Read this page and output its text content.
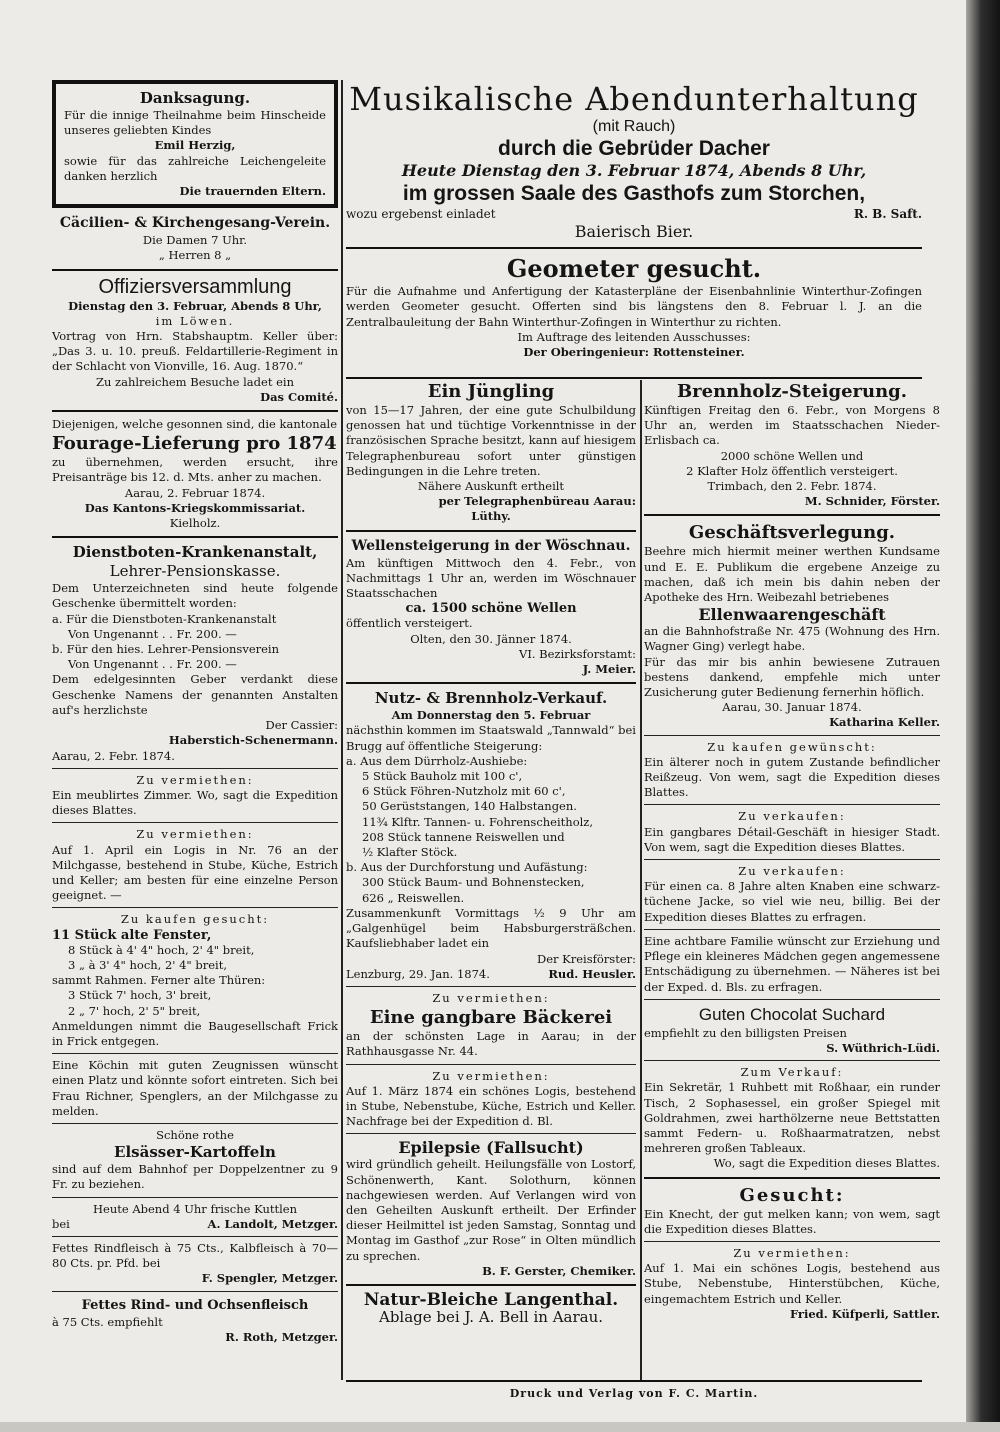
Danksagung.

Für die innige Theilnahme beim Hinscheide unseres geliebten Kindes

Emil Herzig,

sowie für das zahlreiche Leichengeleite danken herzlich

Die trauernden Eltern.
Cäcilien- & Kirchengesang-Verein.
Die Damen 7 Uhr.
„ Herren 8 „
Offiziersversammlung
Dienstag den 3. Februar, Abends 8 Uhr,
im Löwen.

Vortrag von Hrn. Stabshauptm. Keller über: „Das 3. u. 10. preuß. Feldartillerie-Regiment in der Schlacht von Vionville, 16. Aug. 1870.“

Zu zahlreichem Besuche ladet ein
Das Comité.

Diejenigen, welche gesonnen sind, die kantonale

Fourage-Lieferung pro 1874

zu übernehmen, werden ersucht, ihre Preisanträge bis 12. d. Mts. anher zu machen.

Aarau, 2. Februar 1874.
Das Kantons-Kriegskommissariat.
Kielholz.
Dienstboten-Krankenanstalt,
Lehrer-Pensionskasse.

Dem Unterzeichneten sind heute folgende Geschenke übermittelt worden:

a. Für die Dienstboten-Krankenanstalt
Von Ungenannt . . Fr. 200. —
b. Für den hies. Lehrer-Pensionsverein
Von Ungenannt . . Fr. 200. —

Dem edelgesinnten Geber verdankt diese Geschenke Namens der genannten Anstalten auf's herzlichste

Der Cassier:
Haberstich-Schenermann.
Aarau, 2. Febr. 1874.
Zu vermiethen:

Ein meublirtes Zimmer. Wo, sagt die Expedition dieses Blattes.

Zu vermiethen:

Auf 1. April ein Logis in Nr. 76 an der Milchgasse, bestehend in Stube, Küche, Estrich und Keller; am besten für eine einzelne Person geeignet. —

Zu kaufen gesucht:
11 Stück alte Fenster,
8 Stück à 4' 4" hoch, 2' 4" breit,
3 „ à 3' 4" hoch, 2' 4" breit,
sammt Rahmen. Ferner alte Thüren:
3 Stück 7' hoch, 3' breit,
2 „ 7' hoch, 2' 5" breit,

Anmeldungen nimmt die Baugesellschaft Frick in Frick entgegen.

Eine Köchin mit guten Zeugnissen wünscht einen Platz und könnte sofort eintreten. Sich bei Frau Richner, Spenglers, an der Milchgasse zu melden.

Schöne rothe
Elsässer-Kartoffeln

sind auf dem Bahnhof per Doppelzentner zu 9 Fr. zu beziehen.

Heute Abend 4 Uhr frische Kuttlen
bei	A. Landolt, Metzger.

Fettes Rindfleisch à 75 Cts., Kalbfleisch à 70—80 Cts. pr. Pfd. bei

F. Spengler, Metzger.
Fettes Rind- und Ochsenfleisch
à 75 Cts. empfiehlt
R. Roth, Metzger.
Musikalische Abendunterhaltung
(mit Rauch)
durch die Gebrüder Dacher
Heute Dienstag den 3. Februar 1874, Abends 8 Uhr,
im grossen Saale des Gasthofs zum Storchen,
wozu ergebenst einladet	R. B. Saft.
Baierisch Bier.
Geometer gesucht.

Für die Aufnahme und Anfertigung der Katasterpläne der Eisenbahnlinie Winterthur-Zofingen werden Geometer gesucht. Offerten sind bis längstens den 8. Februar l. J. an die Zentralbauleitung der Bahn Winterthur-Zofingen in Winterthur zu richten.

Im Auftrage des leitenden Ausschusses:
Der Oberingenieur: Rottensteiner.
Ein Jüngling

von 15—17 Jahren, der eine gute Schulbildung genossen hat und tüchtige Vorkenntnisse in der französischen Sprache besitzt, kann auf hiesigem Telegraphenbureau sofort unter günstigen Bedingungen in die Lehre treten.

Nähere Auskunft ertheilt
per Telegraphenbüreau Aarau:
Lüthy.
Wellensteigerung in der Wöschnau.

Am künftigen Mittwoch den 4. Febr., von Nachmittags 1 Uhr an, werden im Wöschnauer Staatsschachen

ca. 1500 schöne Wellen
öffentlich versteigert.
Olten, den 30. Jänner 1874.
VI. Bezirksforstamt:
J. Meier.
Nutz- & Brennholz-Verkauf.
Am Donnerstag den 5. Februar

nächsthin kommen im Staatswald „Tannwald“ bei Brugg auf öffentliche Steigerung:

a. Aus dem Dürrholz-Aushiebe:
5 Stück Bauholz mit 100 c',
6 Stück Föhren-Nutzholz mit 60 c',
50 Gerüststangen, 140 Halbstangen.
11¾ Klftr. Tannen- u. Fohrenscheitholz,
208 Stück tannene Reiswellen und
½ Klafter Stöck.
b. Aus der Durchforstung und Aufästung:
300 Stück Baum- und Bohnenstecken,
626 „ Reiswellen.

Zusammenkunft Vormittags ½ 9 Uhr am „Galgenhügel beim Habsburgersträßchen. Kaufsliebhaber ladet ein

Der Kreisförster:
Lenzburg, 29. Jan. 1874.	Rud. Heusler.
Zu vermiethen:
Eine gangbare Bäckerei

an der schönsten Lage in Aarau; in der Rathhausgasse Nr. 44.

Zu vermiethen:

Auf 1. März 1874 ein schönes Logis, bestehend in Stube, Nebenstube, Küche, Estrich und Keller. Nachfrage bei der Expedition d. Bl.

Epilepsie (Fallsucht)

wird gründlich geheilt. Heilungsfälle von Lostorf, Schönenwerth, Kant. Solothurn, können nachgewiesen werden. Auf Verlangen wird von den Geheilten Auskunft ertheilt. Der Erfinder dieser Heilmittel ist jeden Samstag, Sonntag und Montag im Gasthof „zur Rose“ in Olten mündlich zu sprechen.

B. F. Gerster, Chemiker.
Natur-Bleiche Langenthal.
Ablage bei J. A. Bell in Aarau.
Brennholz-Steigerung.

Künftigen Freitag den 6. Febr., von Morgens 8 Uhr an, werden im Staatsschachen Nieder-Erlisbach ca.

2000 schöne Wellen und
2 Klafter Holz öffentlich versteigert.
Trimbach, den 2. Febr. 1874.
M. Schnider, Förster.
Geschäftsverlegung.

Beehre mich hiermit meiner werthen Kundsame und E. E. Publikum die ergebene Anzeige zu machen, daß ich mein bis dahin neben der Apotheke des Hrn. Weibezahl betriebenes

Ellenwaarengeschäft

an die Bahnhofstraße Nr. 475 (Wohnung des Hrn. Wagner Ging) verlegt habe.

Für das mir bis anhin bewiesene Zutrauen bestens dankend, empfehle mich unter Zusicherung guter Bedienung fernerhin höflich.

Aarau, 30. Januar 1874.
Katharina Keller.
Zu kaufen gewünscht:

Ein älterer noch in gutem Zustande befindlicher Reißzeug. Von wem, sagt die Expedition dieses Blattes.

Zu verkaufen:

Ein gangbares Détail-Geschäft in hiesiger Stadt. Von wem, sagt die Expedition dieses Blattes.

Zu verkaufen:

Für einen ca. 8 Jahre alten Knaben eine schwarz-tüchene Jacke, so viel wie neu, billig. Bei der Expedition dieses Blattes zu erfragen.

Eine achtbare Familie wünscht zur Erziehung und Pflege ein kleineres Mädchen gegen angemessene Entschädigung zu übernehmen. — Näheres ist bei der Exped. d. Bls. zu erfragen.

Guten Chocolat Suchard
empfiehlt zu den billigsten Preisen
S. Wüthrich-Lüdi.
Zum Verkauf:

Ein Sekretär, 1 Ruhbett mit Roßhaar, ein runder Tisch, 2 Sophasessel, ein großer Spiegel mit Goldrahmen, zwei harthölzerne neue Bettstatten sammt Federn- u. Roßhaarmatratzen, nebst mehreren großen Tableaux.

Wo, sagt die Expedition dieses Blattes.
Gesucht:

Ein Knecht, der gut melken kann; von wem, sagt die Expedition dieses Blattes.

Zu vermiethen:

Auf 1. Mai ein schönes Logis, bestehend aus Stube, Nebenstube, Hinterstübchen, Küche, eingemachtem Estrich und Keller.

Fried. Küfperli, Sattler.
Druck und Verlag von F. C. Martin.
